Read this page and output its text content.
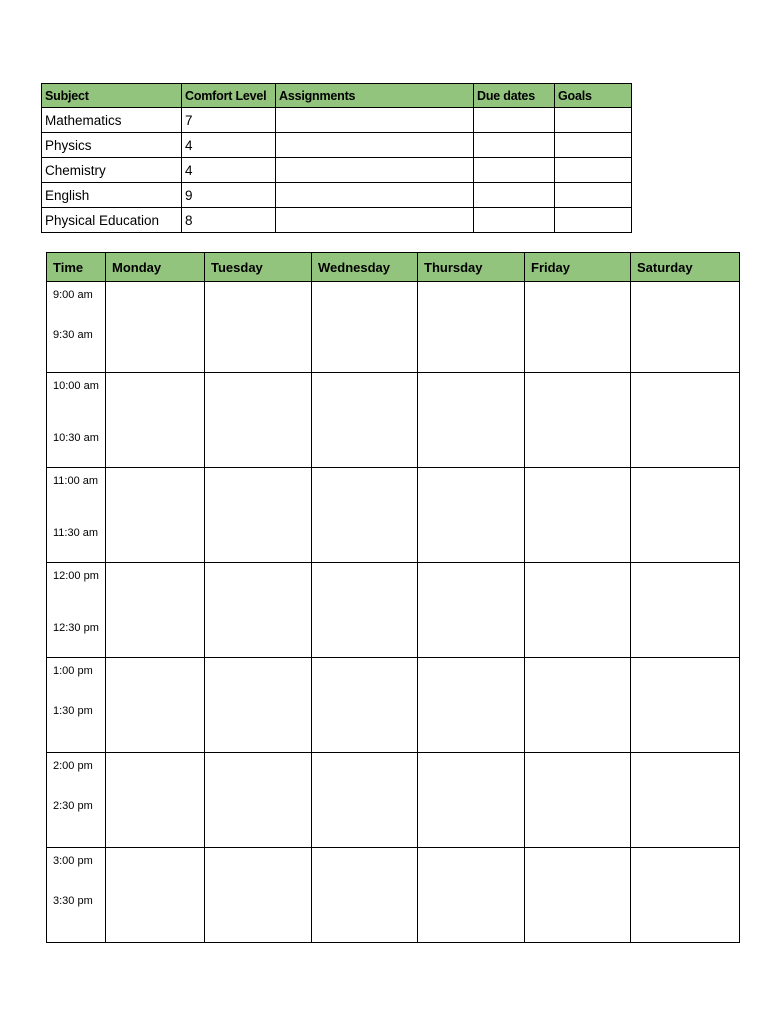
Subject	Comfort Level	Assignments	Due dates	Goals
Mathematics	7			
Physics	4			
Chemistry	4			
English	9			
Physical Education	8			
Time	Monday	Tuesday	Wednesday	Thursday	Friday	Saturday

9:00 am
9:30 am						

10:00 am
10:30 am						

11:00 am
11:30 am						

12:00 pm
12:30 pm						

1:00 pm
1:30 pm						

2:00 pm
2:30 pm						

3:00 pm
3:30 pm						
